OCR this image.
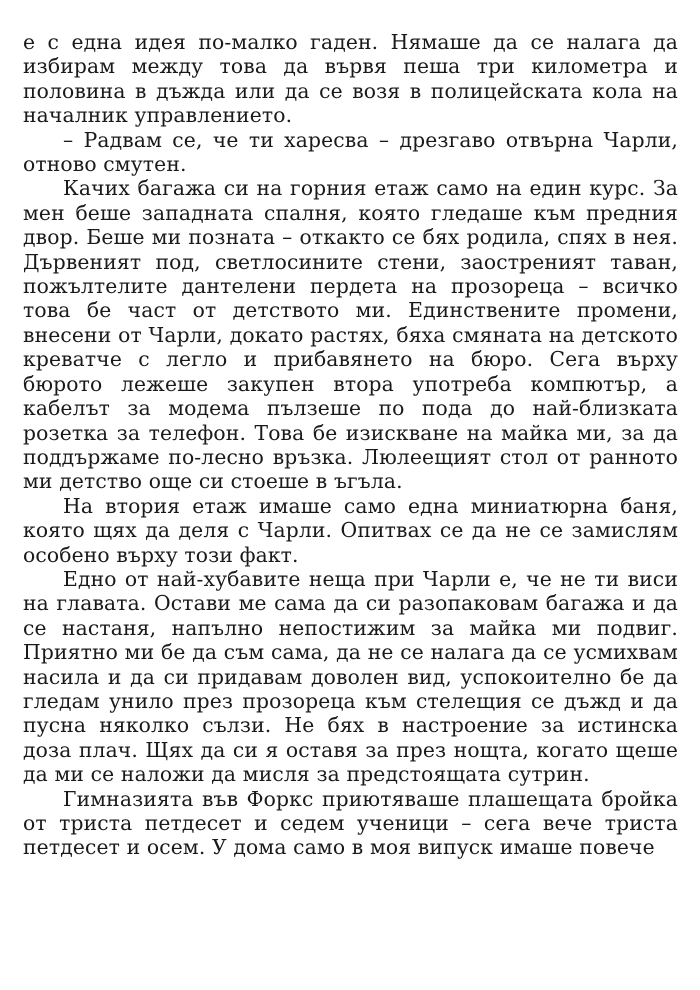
е с една идея по-малко гаден. Нямаше да се налага да избирам между това да вървя пеша три километра и половина в дъжда или да се возя в полицейската кола на началник управлението.

– Радвам се, че ти харесва – дрезгаво отвърна Чарли, отново смутен.

Качих багажа си на горния етаж само на един курс. За мен беше западната спалня, която гледаше към предния двор. Беше ми позната – откакто се бях родила, спях в нея. Дървеният под, светлосините стени, заостреният таван, пожълтелите дантелени пердета на прозореца – всичко това бе част от детството ми. Единствените промени, внесени от Чарли, докато растях, бяха смяната на детското креватче с легло и прибавянето на бюро. Сега върху бюрото лежеше закупен втора употреба компютър, а кабелът за модема пълзеше по пода до най-близката розетка за телефон. Това бе изискване на майка ми, за да поддържаме по-лесно връзка. Люлеещият стол от ранното ми детство още си стоеше в ъгъла.

На втория етаж имаше само една миниатюрна баня, която щях да деля с Чарли. Опитвах се да не се замислям особено върху този факт.

Едно от най-хубавите неща при Чарли е, че не ти виси на главата. Остави ме сама да си разопаковам багажа и да се настаня, напълно непостижим за майка ми подвиг. Приятно ми бе да съм сама, да не се налага да се усмихвам насила и да си придавам доволен вид, успокоително бе да гледам унило през прозореца към стелещия се дъжд и да пусна няколко сълзи. Не бях в настроение за истинска доза плач. Щях да си я оставя за през нощта, когато щеше да ми се наложи да мисля за предстоящата сутрин.

Гимназията във Форкс приютяваше плашещата бройка от триста петдесет и седем ученици – сега вече триста петдесет и осем. У дома само в моя випуск имаше повече
